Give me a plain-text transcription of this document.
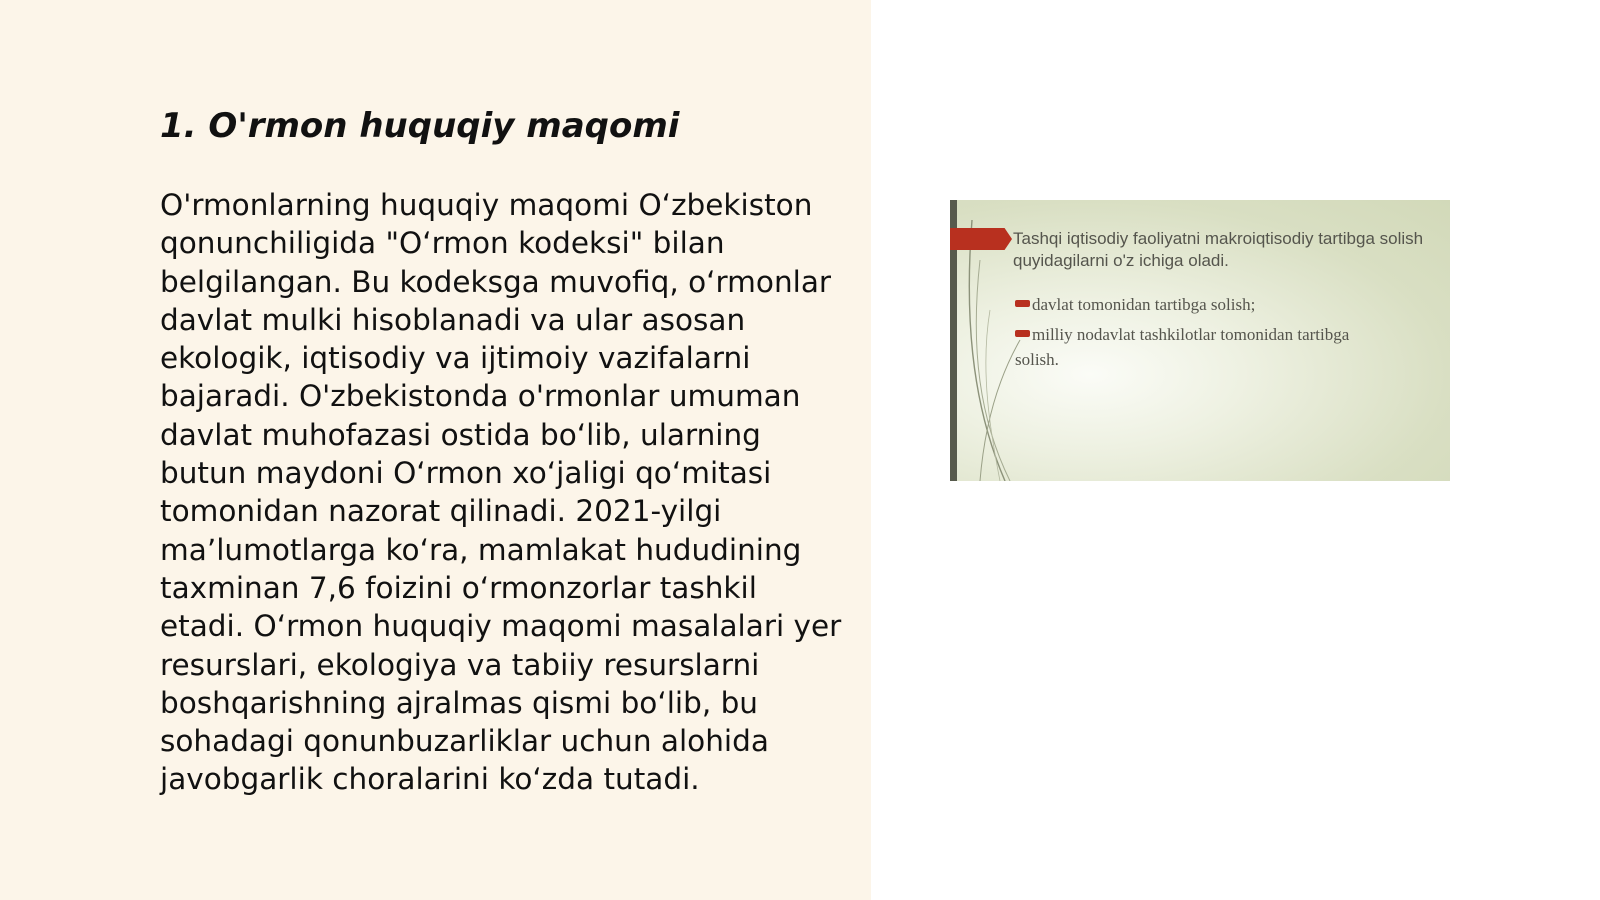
1. O'rmon huquqiy maqomi

O'rmonlarning huquqiy maqomi O‘zbekiston qonunchiligida "O‘rmon kodeksi" bilan belgilangan. Bu kodeksga muvofiq, o‘rmonlar davlat mulki hisoblanadi va ular asosan ekologik, iqtisodiy va ijtimoiy vazifalarni bajaradi. O'zbekistonda o'rmonlar umuman davlat muhofazasi ostida bo‘lib, ularning butun maydoni O‘rmon xo‘jaligi qo‘mitasi tomonidan nazorat qilinadi. 2021-yilgi ma’lumotlarga ko‘ra, mamlakat hududining taxminan 7,6 foizini o‘rmonzorlar tashkil etadi. O‘rmon huquqiy maqomi masalalari yer resurslari, ekologiya va tabiiy resurslarni boshqarishning ajralmas qismi bo‘lib, bu sohadagi qonunbuzarliklar uchun alohida javobgarlik choralarini ko‘zda tutadi.

Tashqi iqtisodiy faoliyatni makroiqtisodiy tartibga solish quyidagilarni o'z ichiga oladi.
davlat tomonidan tartibga solish;
milliy nodavlat tashkilotlar tomonidan tartibga solish.
